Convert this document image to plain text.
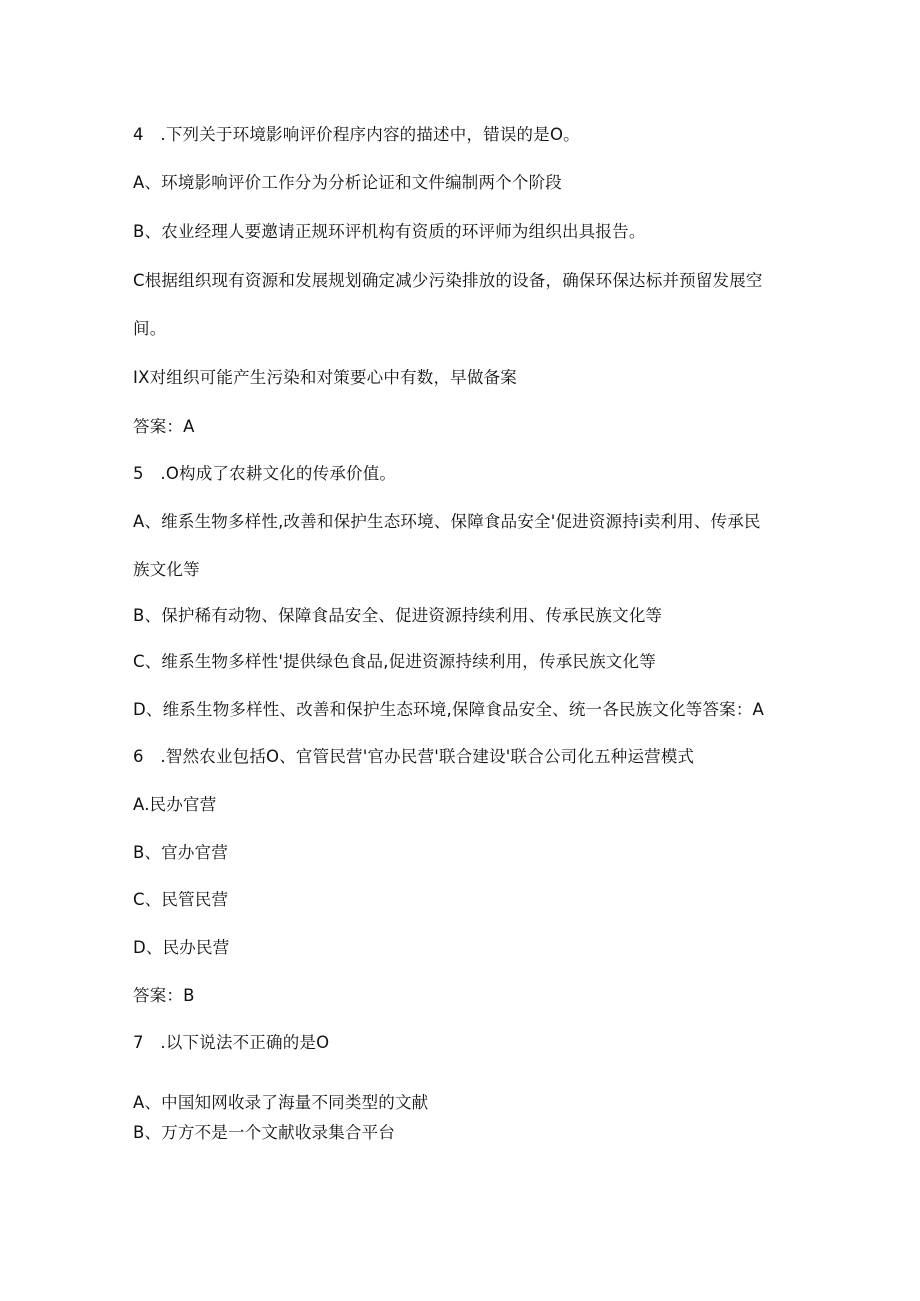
4　.下列关于环境影响评价程序内容的描述中，错误的是O。
A、环境影响评价工作分为分析论证和文件编制两个个阶段
B、农业经理人要邀请正规环评机构有资质的环评师为组织出具报告。
C根据组织现有资源和发展规划确定减少污染排放的设备，确保环保达标并预留发展空
间。
IX对组织可能产生污染和对策要心中有数，早做备案
答案：A
5　.O构成了农耕文化的传承价值。
A、维系生物多样性,改善和保护生态环境、保障食品安全'促进资源持i卖利用、传承民
族文化等
B、保护稀有动物、保障食品安全、促进资源持续利用、传承民族文化等
C、维系生物多样性'提供绿色食品,促进资源持续利用，传承民族文化等
D、维系生物多样性、改善和保护生态环境,保障食品安全、统一各民族文化等答案：A
6　.智然农业包括O、官管民营'官办民营'联合建设'联合公司化五种运营模式
A.民办官营
B、官办官营
C、民管民营
D、民办民营
答案：B
7　.以下说法不正确的是O
A、中国知网收录了海量不同类型的文献
B、万方不是一个文献收录集合平台
